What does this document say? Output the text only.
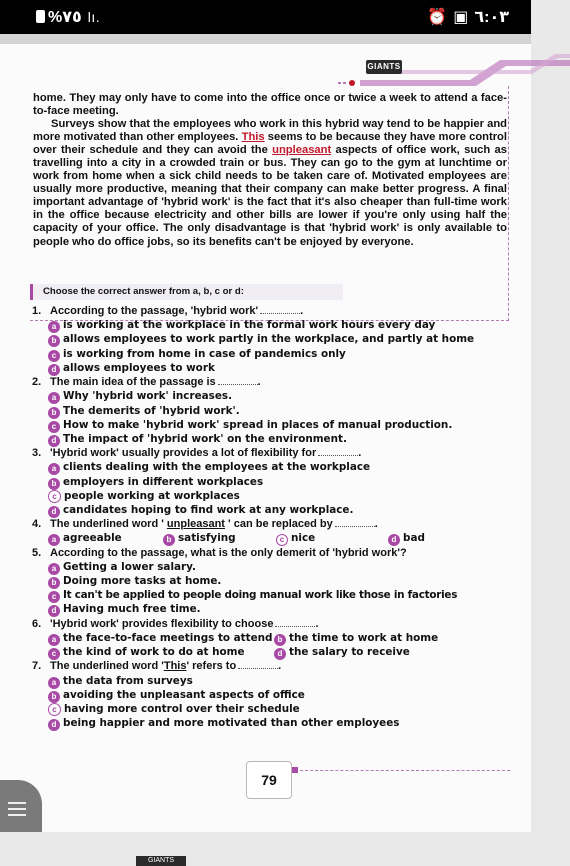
%٧٥ lı.	⏰ ▣ ٦:٠٣
GIANTS

home. They may only have to come into the office once or twice a week to attend a face-to-face meeting.

Surveys show that the employees who work in this hybrid way tend to be happier and more motivated than other employees. This seems to be because they have more control over their schedule and they can avoid the unpleasant aspects of office work, such as travelling into a city in a crowded train or bus. They can go to the gym at lunchtime or work from home when a sick child needs to be taken care of. Motivated employees are usually more productive, meaning that their company can make better progress. A final important advantage of 'hybrid work' is the fact that it's also cheaper than full-time work in the office because electricity and other bills are lower if you're only using half the capacity of your office. The only disadvantage is that 'hybrid work' is only available to people who do office jobs, so its benefits can't be enjoyed by everyone.

Choose the correct answer from a, b, c or d:
1. According to the passage, 'hybrid work'	.
a is working at the workplace in the formal work hours every day
b allows employees to work partly in the workplace, and partly at home
c is working from home in case of pandemics only
d allows employees to work
2. The main idea of the passage is	.
a Why 'hybrid work' increases.
b The demerits of 'hybrid work'.
c How to make 'hybrid work' spread in places of manual production.
d The impact of 'hybrid work' on the environment.
3. 'Hybrid work' usually provides a lot of flexibility for	.
a clients dealing with the employees at the workplace
b employers in different workplaces
c people working at workplaces
d candidates hoping to find work at any workplace.
4. The underlined word ' unpleasant ' can be replaced by	.
a agreeable	b satisfying	c nice	d bad
5. According to the passage, what is the only demerit of 'hybrid work'?
a Getting a lower salary.
b Doing more tasks at home.
c It can't be applied to people doing manual work like those in factories
d Having much free time.
6. 'Hybrid work' provides flexibility to choose	.
a the face-to-face meetings to attend b the time to work at home
c the kind of work to do at home	d the salary to receive
7. The underlined word 'This' refers to	.
a the data from surveys
b avoiding the unpleasant aspects of office
c having more control over their schedule
d being happier and more motivated than other employees
79
GIANTS
